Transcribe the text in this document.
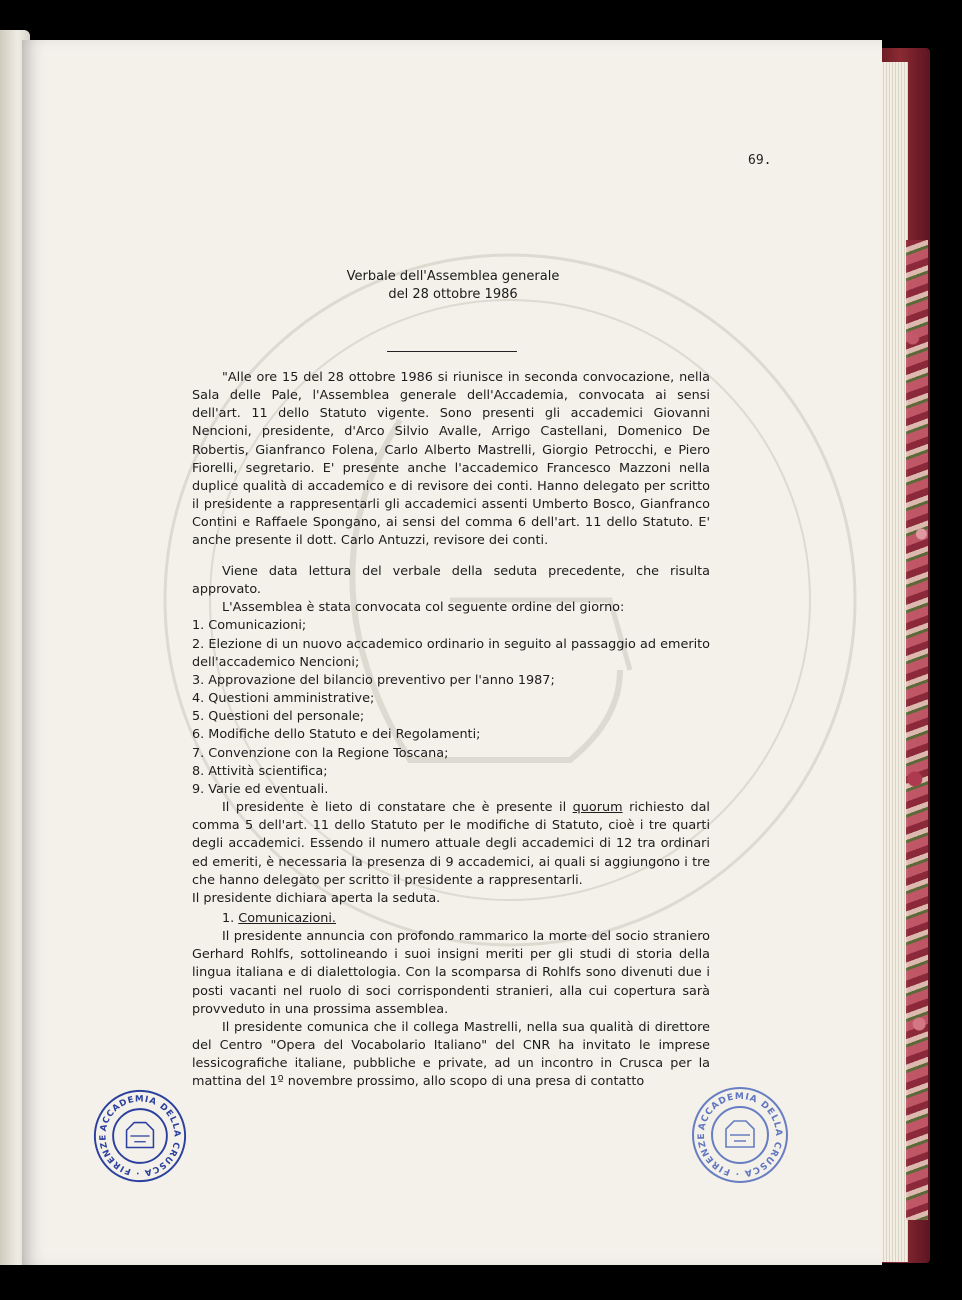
69.
Verbale dell'Assemblea generale
del 28 ottobre 1986

"Alle ore 15 del 28 ottobre 1986 si riunisce in seconda convocazione, nella Sala delle Pale, l'Assemblea generale dell'Accademia, convocata ai sensi dell'art. 11 dello Statuto vigente. Sono presenti gli accademici Giovanni Nencioni, presidente, d'Arco Silvio Avalle, Arrigo Castellani, Domenico De Robertis, Gianfranco Folena, Carlo Alberto Mastrelli, Giorgio Petrocchi, e Piero Fiorelli, segretario. E' presente anche l'accademico Francesco Mazzoni nella duplice qualità di accademico e di revisore dei conti. Hanno delegato per scritto il presidente a rappresentarli gli accademici assenti Umberto Bosco, Gianfranco Contini e Raffaele Spongano, ai sensi del comma 6 dell'art. 11 dello Statuto. E' anche presente il dott. Carlo Antuzzi, revisore dei conti.

Viene data lettura del verbale della seduta precedente, che risulta approvato.

L'Assemblea è stata convocata col seguente ordine del giorno:

1. Comunicazioni;
2. Elezione di un nuovo accademico ordinario in seguito al passaggio ad emerito dell'accademico Nencioni;
3. Approvazione del bilancio preventivo per l'anno 1987;
4. Questioni amministrative;
5. Questioni del personale;
6. Modifiche dello Statuto e dei Regolamenti;
7. Convenzione con la Regione Toscana;
8. Attività scientifica;
9. Varie ed eventuali.

Il presidente è lieto di constatare che è presente il quorum richiesto dal comma 5 dell'art. 11 dello Statuto per le modifiche di Statuto, cioè i tre quarti degli accademici. Essendo il numero attuale degli accademici di 12 tra ordinari ed emeriti, è necessaria la presenza di 9 accademici, ai quali si aggiungono i tre che hanno delegato per scritto il presidente a rappresentarli.

Il presidente dichiara aperta la seduta.

1. Comunicazioni.

Il presidente annuncia con profondo rammarico la morte del socio straniero Gerhard Rohlfs, sottolineando i suoi insigni meriti per gli studi di storia della lingua italiana e di dialettologia. Con la scomparsa di Rohlfs sono divenuti due i posti vacanti nel ruolo di soci corrispondenti stranieri, alla cui copertura sarà provveduto in una prossima assemblea.

Il presidente comunica che il collega Mastrelli, nella sua qualità di direttore del Centro "Opera del Vocabolario Italiano" del CNR ha invitato le imprese lessicografiche italiane, pubbliche e private, ad un incontro in Crusca per la mattina del 1º novembre prossimo, allo scopo di una presa di contatto

ACCADEMIA DELLA CRUSCA · FIRENZE
ACCADEMIA DELLA CRUSCA · FIRENZE
